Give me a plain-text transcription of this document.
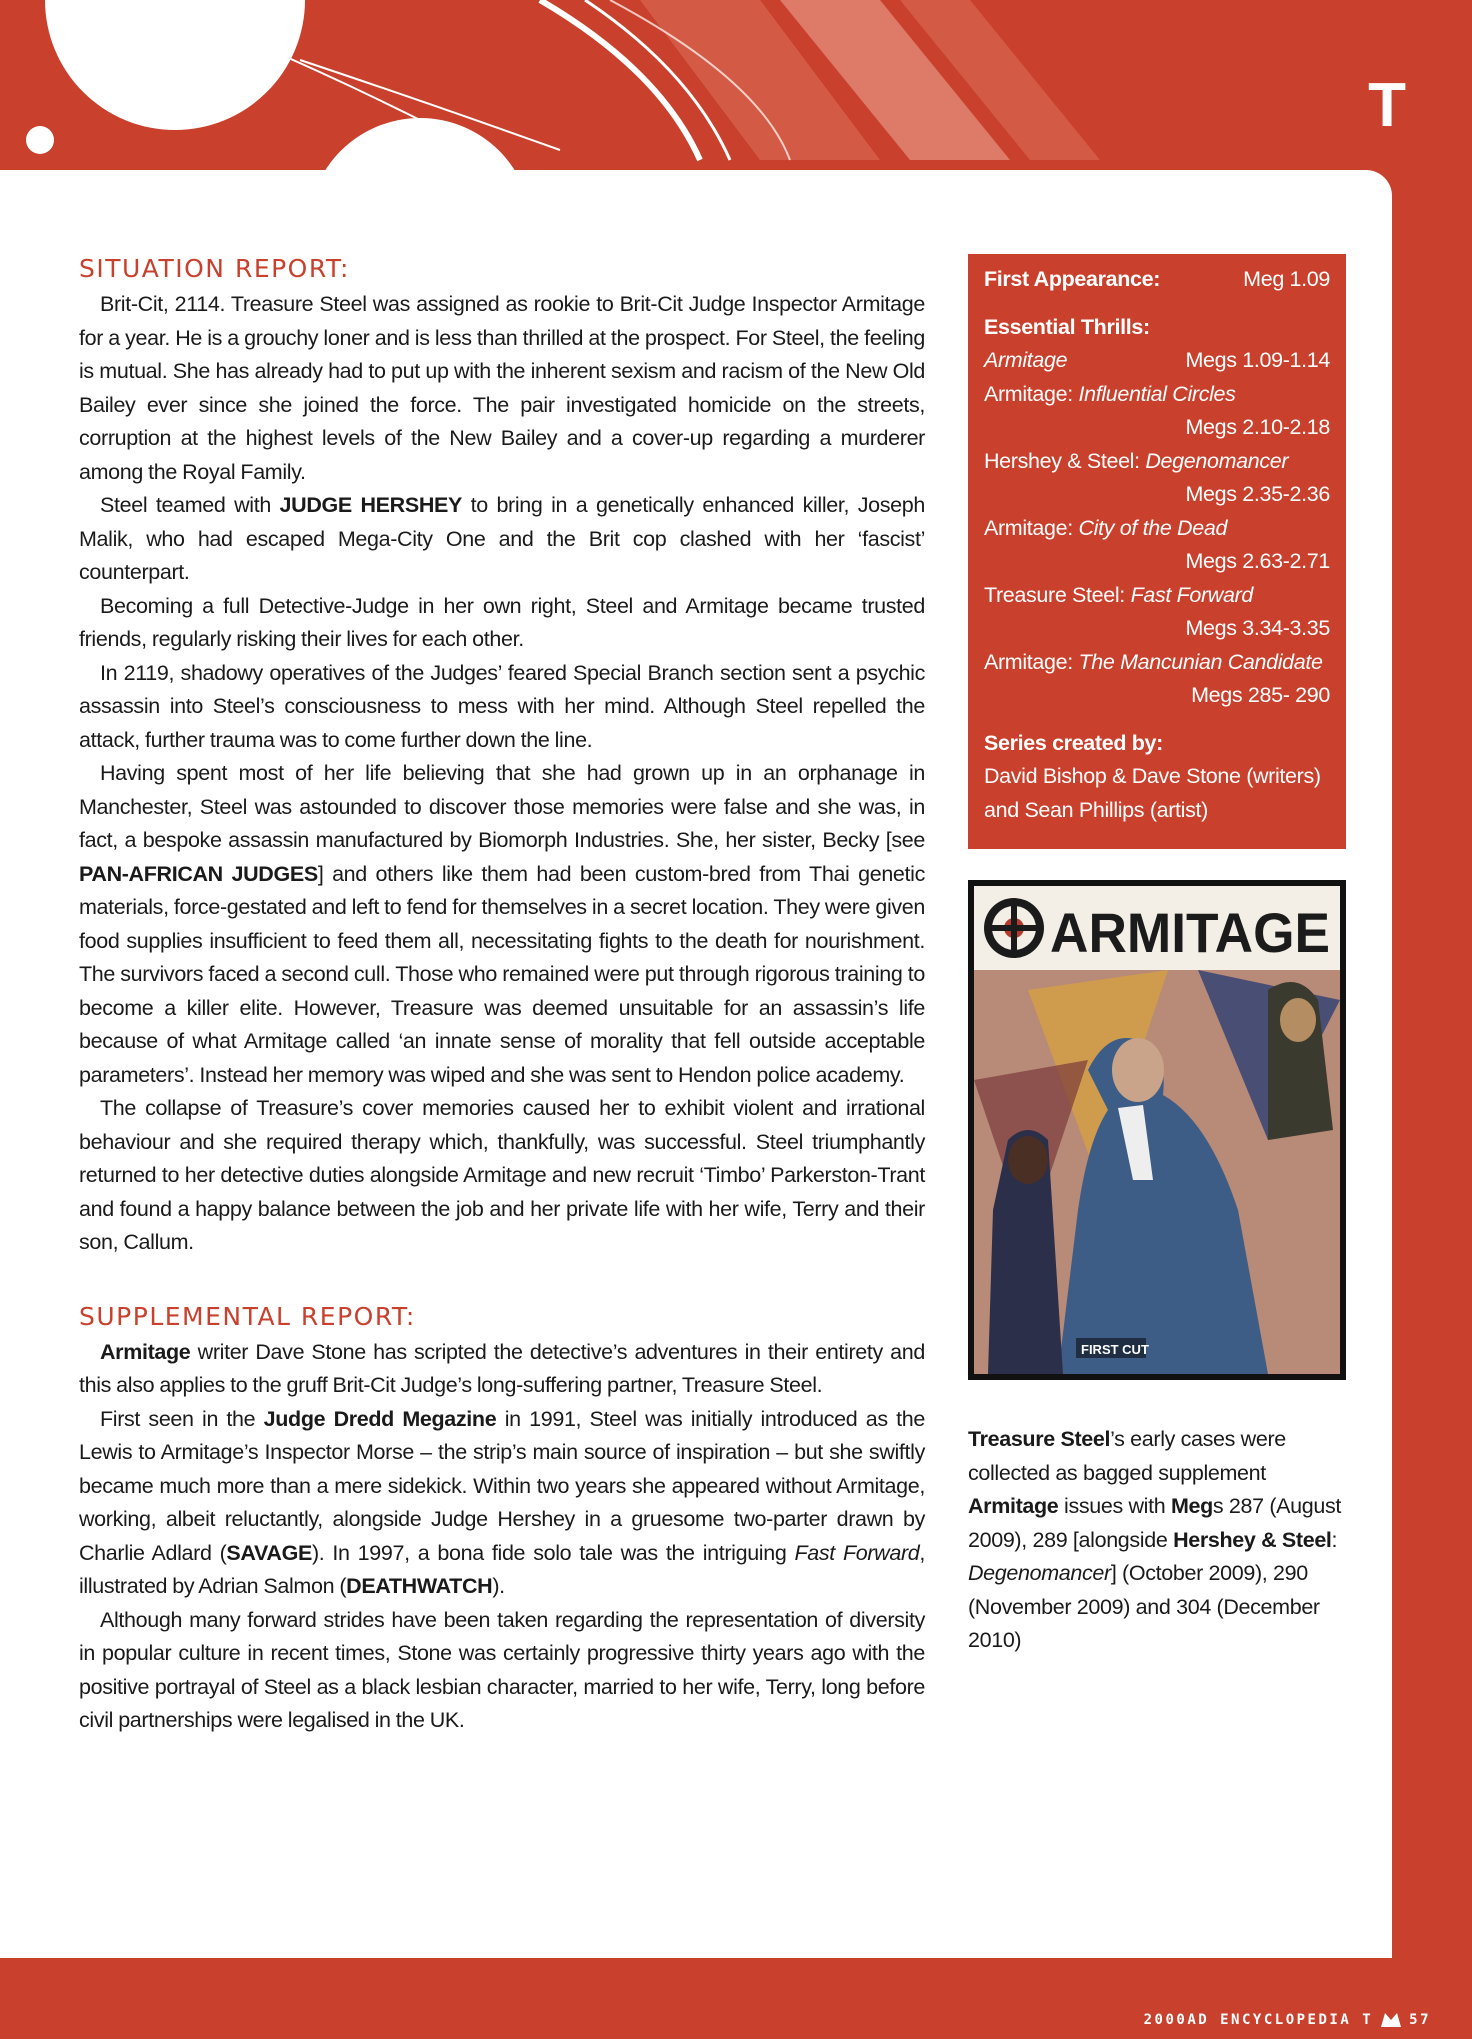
T
SITUATION REPORT:

Brit-Cit, 2114. Treasure Steel was assigned as rookie to Brit-Cit Judge Inspector Armitage for a year. He is a grouchy loner and is less than thrilled at the prospect. For Steel, the feeling is mutual. She has already had to put up with the inherent sexism and racism of the New Old Bailey ever since she joined the force. The pair investigated homicide on the streets, corruption at the highest levels of the New Bailey and a cover-up regarding a murderer among the Royal Family.

Steel teamed with JUDGE HERSHEY to bring in a genetically enhanced killer, Joseph Malik, who had escaped Mega-City One and the Brit cop clashed with her ‘fascist’ counterpart.

Becoming a full Detective-Judge in her own right, Steel and Armitage became trusted friends, regularly risking their lives for each other.

In 2119, shadowy operatives of the Judges’ feared Special Branch section sent a psychic assassin into Steel’s consciousness to mess with her mind. Although Steel repelled the attack, further trauma was to come further down the line.

Having spent most of her life believing that she had grown up in an orphanage in Manchester, Steel was astounded to discover those memories were false and she was, in fact, a bespoke assassin manufactured by Biomorph Industries. She, her sister, Becky [see PAN-AFRICAN JUDGES] and others like them had been custom-bred from Thai genetic materials, force-gestated and left to fend for themselves in a secret location. They were given food supplies insufficient to feed them all, necessitating fights to the death for nourishment. The survivors faced a second cull. Those who remained were put through rigorous training to become a killer elite. However, Treasure was deemed unsuitable for an assassin’s life because of what Armitage called ‘an innate sense of morality that fell outside acceptable parameters’. Instead her memory was wiped and she was sent to Hendon police academy.

The collapse of Treasure’s cover memories caused her to exhibit violent and irrational behaviour and she required therapy which, thankfully, was successful. Steel triumphantly returned to her detective duties alongside Armitage and new recruit ‘Timbo’ Parkerston-Trant and found a happy balance between the job and her private life with her wife, Terry and their son, Callum.

SUPPLEMENTAL REPORT:

Armitage writer Dave Stone has scripted the detective’s adventures in their entirety and this also applies to the gruff Brit-Cit Judge’s long-suffering partner, Treasure Steel.

First seen in the Judge Dredd Megazine in 1991, Steel was initially introduced as the Lewis to Armitage’s Inspector Morse – the strip’s main source of inspiration – but she swiftly became much more than a mere sidekick. Within two years she appeared without Armitage, working, albeit reluctantly, alongside Judge Hershey in a gruesome two-parter drawn by Charlie Adlard (SAVAGE). In 1997, a bona fide solo tale was the intriguing Fast Forward, illustrated by Adrian Salmon (DEATHWATCH).

Although many forward strides have been taken regarding the representation of diversity in popular culture in recent times, Stone was certainly progressive thirty years ago with the positive portrayal of Steel as a black lesbian character, married to her wife, Terry, long before civil partnerships were legalised in the UK.

First Appearance:	Meg 1.09
Essential Thrills:
Armitage	Megs 1.09-1.14
Armitage: Influential Circles
Megs 2.10-2.18
Hershey & Steel: Degenomancer
Megs 2.35-2.36
Armitage: City of the Dead
Megs 2.63-2.71
Treasure Steel: Fast Forward
Megs 3.34-3.35
Armitage: The Mancunian Candidate
Megs 285- 290
Series created by:
David Bishop & Dave Stone (writers)
and Sean Phillips (artist)
ARMITAGE
FIRST CUT
Treasure Steel’s early cases were collected as bagged supplement Armitage issues with Megs 287 (August 2009), 289 [alongside Hershey & Steel: Degenomancer] (October 2009), 290 (November 2009) and 304 (December 2010)
2000AD ENCYCLOPEDIA T	57
